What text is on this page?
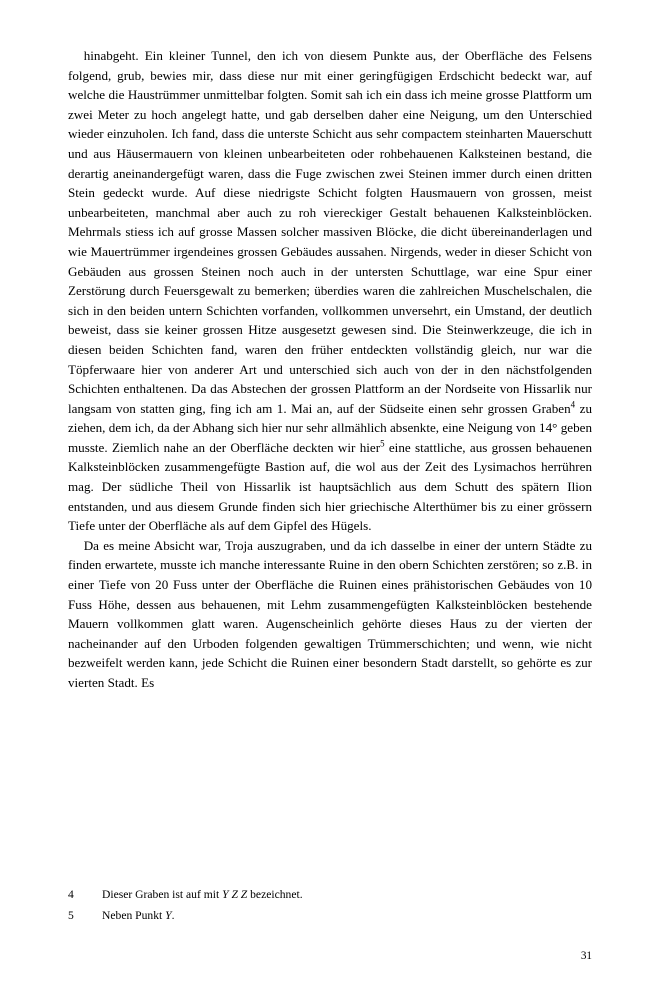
hinabgeht. Ein kleiner Tunnel, den ich von diesem Punkte aus, der Oberfläche des Felsens folgend, grub, bewies mir, dass diese nur mit einer geringfügigen Erdschicht bedeckt war, auf welche die Haustrümmer unmittelbar folgten. Somit sah ich ein dass ich meine grosse Plattform um zwei Meter zu hoch angelegt hatte, und gab derselben daher eine Neigung, um den Unterschied wieder einzuholen. Ich fand, dass die unterste Schicht aus sehr compactem steinharten Mauerschutt und aus Häusermauern von kleinen unbearbeiteten oder rohbehauenen Kalksteinen bestand, die derartig aneinandergefügt waren, dass die Fuge zwischen zwei Steinen immer durch einen dritten Stein gedeckt wurde. Auf diese niedrigste Schicht folgten Hausmauern von grossen, meist unbearbeiteten, manchmal aber auch zu roh viereckiger Gestalt behauenen Kalksteinblöcken. Mehrmals stiess ich auf grosse Massen solcher massiven Blöcke, die dicht übereinanderlagen und wie Mauertrümmer irgendeines grossen Gebäudes aussahen. Nirgends, weder in dieser Schicht von Gebäuden aus grossen Steinen noch auch in der untersten Schuttlage, war eine Spur einer Zerstörung durch Feuersgewalt zu bemerken; überdies waren die zahlreichen Muschelschalen, die sich in den beiden untern Schichten vorfanden, vollkommen unversehrt, ein Umstand, der deutlich beweist, dass sie keiner grossen Hitze ausgesetzt gewesen sind. Die Steinwerkzeuge, die ich in diesen beiden Schichten fand, waren den früher entdeckten vollständig gleich, nur war die Töpferwaare hier von anderer Art und unterschied sich auch von der in den nächstfolgenden Schichten enthaltenen. Da das Abstechen der grossen Plattform an der Nordseite von Hissarlik nur langsam von statten ging, fing ich am 1. Mai an, auf der Südseite einen sehr grossen Graben$^4$ zu ziehen, dem ich, da der Abhang sich hier nur sehr allmählich absenkte, eine Neigung von 14° geben musste. Ziemlich nahe an der Oberfläche deckten wir hier$^5$ eine stattliche, aus grossen behauenen Kalksteinblöcken zusammengefügte Bastion auf, die wol aus der Zeit des Lysimachos herrühren mag. Der südliche Theil von Hissarlik ist hauptsächlich aus dem Schutt des spätern Ilion entstanden, und aus diesem Grunde finden sich hier griechische Alterthümer bis zu einer grössern Tiefe unter der Oberfläche als auf dem Gipfel des Hügels.

Da es meine Absicht war, Troja auszugraben, und da ich dasselbe in einer der untern Städte zu finden erwartete, musste ich manche interessante Ruine in den obern Schichten zerstören; so z.B. in einer Tiefe von 20 Fuss unter der Oberfläche die Ruinen eines prähistorischen Gebäudes von 10 Fuss Höhe, dessen aus behauenen, mit Lehm zusammengefügten Kalksteinblöcken bestehende Mauern vollkommen glatt waren. Augenscheinlich gehörte dieses Haus zu der vierten der nacheinander auf den Urboden folgenden gewaltigen Trümmerschichten; und wenn, wie nicht bezweifelt werden kann, jede Schicht die Ruinen einer besondern Stadt darstellt, so gehörte es zur vierten Stadt. Es

4	Dieser Graben ist auf mit Y Z Z bezeichnet.
5	Neben Punkt Y.
31
